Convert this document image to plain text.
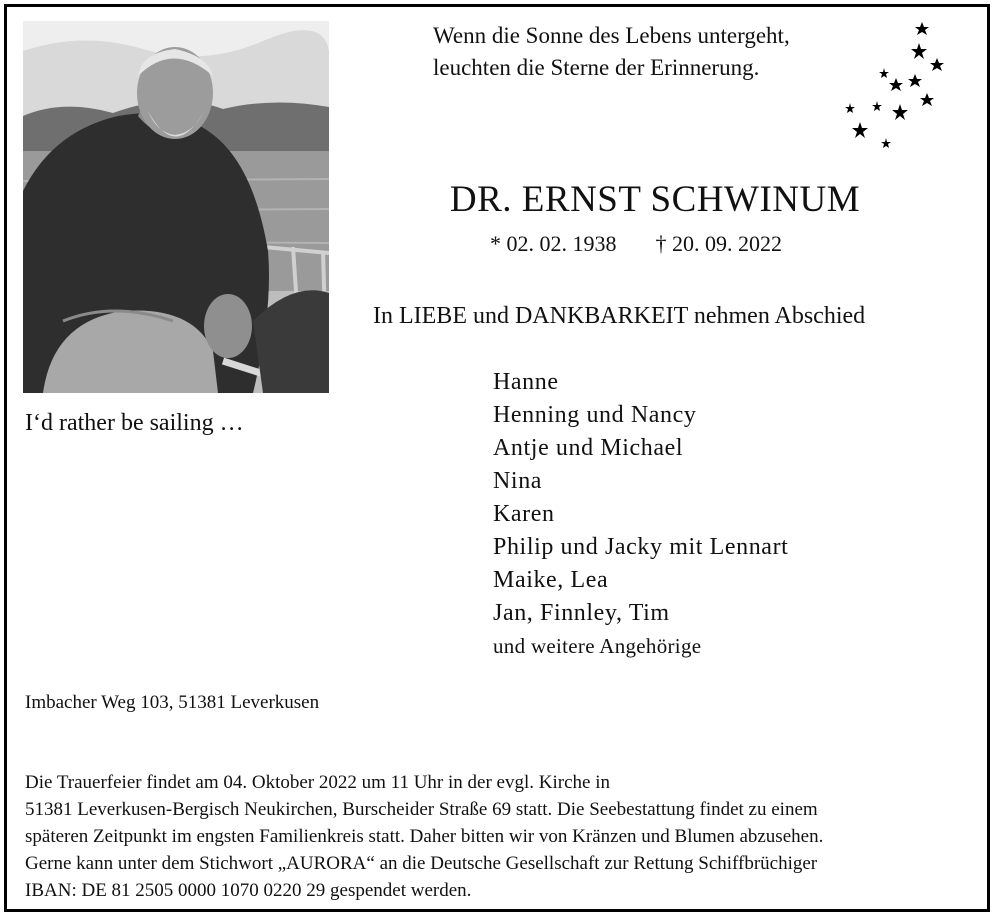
I‘d rather be sailing …
Wenn die Sonne des Lebens untergeht,
leuchten die Sterne der Erinnerung.
DR. ERNST SCHWINUM
* 02. 02. 1938 † 20. 09. 2022
In LIEBE und DANKBARKEIT nehmen Abschied
Hanne
Henning und Nancy
Antje und Michael
Nina
Karen
Philip und Jacky mit Lennart
Maike, Lea
Jan, Finnley, Tim
und weitere Angehörige
Imbacher Weg 103, 51381 Leverkusen
Die Trauerfeier findet am 04. Oktober 2022 um 11 Uhr in der evgl. Kirche in
51381 Leverkusen-Bergisch Neukirchen, Burscheider Straße 69 statt. Die Seebestattung findet zu einem
späteren Zeitpunkt im engsten Familienkreis statt. Daher bitten wir von Kränzen und Blumen abzusehen.
Gerne kann unter dem Stichwort „AURORA“ an die Deutsche Gesellschaft zur Rettung Schiffbrüchiger
IBAN: DE 81 2505 0000 1070 0220 29 gespendet werden.
